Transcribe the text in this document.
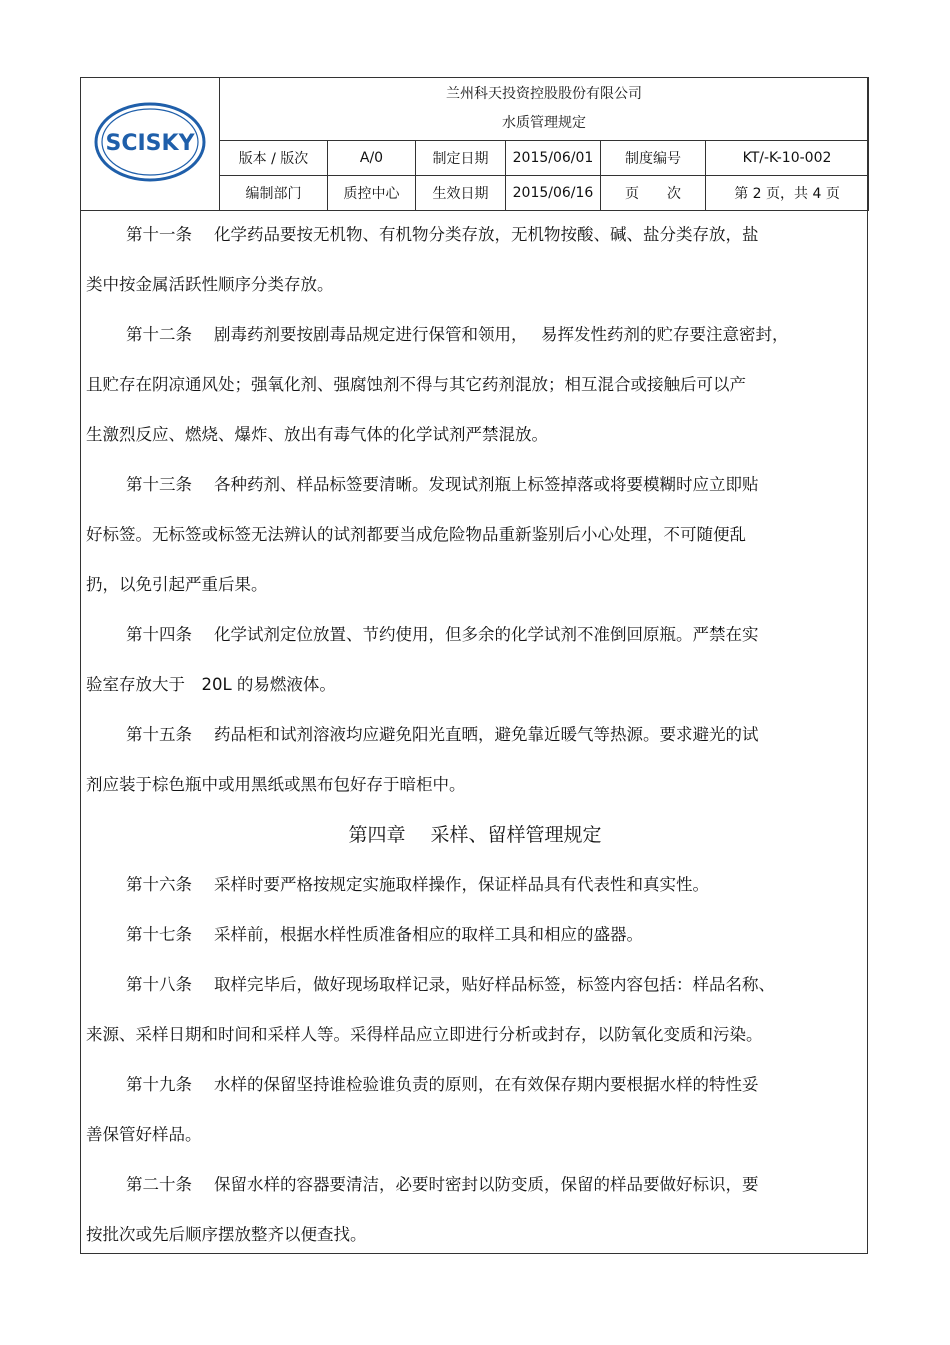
SCISKY	兰州科天投资控股股份有限公司
水质管理规定					

	版本 / 版次	A/0	制定日期	2015/06/01	制度编号	KT/-K-10-002
	编制部门	质控中心	生效日期	2015/06/16	页　　次	第 2 页，共 4 页
第十一条 化学药品要按无机物、有机物分类存放，无机物按酸、碱、盐分类存放，盐
类中按金属活跃性顺序分类存放。
第十二条 剧毒药剂要按剧毒品规定进行保管和领用，　 易挥发性药剂的贮存要注意密封，
且贮存在阴凉通风处；强氧化剂、强腐蚀剂不得与其它药剂混放；相互混合或接触后可以产
生激烈反应、燃烧、爆炸、放出有毒气体的化学试剂严禁混放。
第十三条 各种药剂、样品标签要清晰。发现试剂瓶上标签掉落或将要模糊时应立即贴
好标签。无标签或标签无法辨认的试剂都要当成危险物品重新鉴别后小心处理，不可随便乱
扔，以免引起严重后果。
第十四条 化学试剂定位放置、节约使用，但多余的化学试剂不准倒回原瓶。严禁在实
验室存放大于　20L 的易燃液体。
第十五条 药品柜和试剂溶液均应避免阳光直晒，避免靠近暖气等热源。要求避光的试
剂应装于棕色瓶中或用黑纸或黑布包好存于暗柜中。
第四章　 采样、留样管理规定
第十六条 采样时要严格按规定实施取样操作，保证样品具有代表性和真实性。
第十七条 采样前，根据水样性质准备相应的取样工具和相应的盛器。
第十八条 取样完毕后，做好现场取样记录，贴好样品标签，标签内容包括：样品名称、
来源、采样日期和时间和采样人等。采得样品应立即进行分析或封存，以防氧化变质和污染。
第十九条 水样的保留坚持谁检验谁负责的原则，在有效保存期内要根据水样的特性妥
善保管好样品。
第二十条 保留水样的容器要清洁，必要时密封以防变质，保留的样品要做好标识，要
按批次或先后顺序摆放整齐以便查找。
